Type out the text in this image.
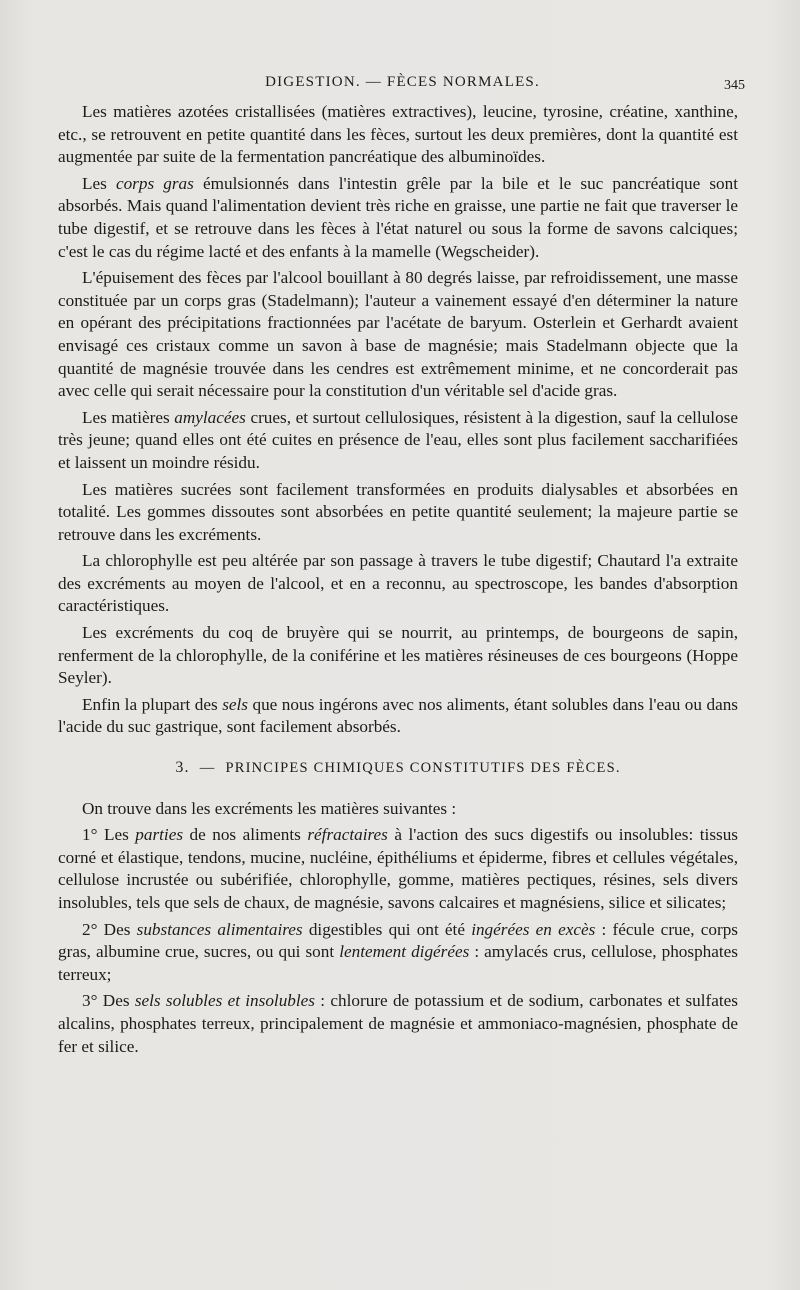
DIGESTION. — FÈCES NORMALES.	345

Les matières azotées cristallisées (matières extractives), leucine, tyrosine, créatine, xanthine, etc., se retrouvent en petite quantité dans les fèces, surtout les deux premières, dont la quantité est augmentée par suite de la fermentation pancréatique des albuminoïdes.

Les corps gras émulsionnés dans l'intestin grêle par la bile et le suc pancréatique sont absorbés. Mais quand l'alimentation devient très riche en graisse, une partie ne fait que traverser le tube digestif, et se retrouve dans les fèces à l'état naturel ou sous la forme de savons calciques; c'est le cas du régime lacté et des enfants à la mamelle (Wegscheider).

L'épuisement des fèces par l'alcool bouillant à 80 degrés laisse, par refroidissement, une masse constituée par un corps gras (Stadelmann); l'auteur a vainement essayé d'en déterminer la nature en opérant des précipitations fractionnées par l'acétate de baryum. Osterlein et Gerhardt avaient envisagé ces cristaux comme un savon à base de magnésie; mais Stadelmann objecte que la quantité de magnésie trouvée dans les cendres est extrêmement minime, et ne concorderait pas avec celle qui serait nécessaire pour la constitution d'un véritable sel d'acide gras.

Les matières amylacées crues, et surtout cellulosiques, résistent à la digestion, sauf la cellulose très jeune; quand elles ont été cuites en présence de l'eau, elles sont plus facilement saccharifiées et laissent un moindre résidu.

Les matières sucrées sont facilement transformées en produits dialysables et absorbées en totalité. Les gommes dissoutes sont absorbées en petite quantité seulement; la majeure partie se retrouve dans les excréments.

La chlorophylle est peu altérée par son passage à travers le tube digestif; Chautard l'a extraite des excréments au moyen de l'alcool, et en a reconnu, au spectroscope, les bandes d'absorption caractéristiques.

Les excréments du coq de bruyère qui se nourrit, au printemps, de bourgeons de sapin, renferment de la chlorophylle, de la coniférine et les matières résineuses de ces bourgeons (Hoppe Seyler).

Enfin la plupart des sels que nous ingérons avec nos aliments, étant solubles dans l'eau ou dans l'acide du suc gastrique, sont facilement absorbés.

3. — PRINCIPES CHIMIQUES CONSTITUTIFS DES FÈCES.

On trouve dans les excréments les matières suivantes :

1° Les parties de nos aliments réfractaires à l'action des sucs digestifs ou insolubles: tissus corné et élastique, tendons, mucine, nucléine, épithéliums et épiderme, fibres et cellules végétales, cellulose incrustée ou subérifiée, chlorophylle, gomme, matières pectiques, résines, sels divers insolubles, tels que sels de chaux, de magnésie, savons calcaires et magnésiens, silice et silicates;

2° Des substances alimentaires digestibles qui ont été ingérées en excès : fécule crue, corps gras, albumine crue, sucres, ou qui sont lentement digérées : amylacés crus, cellulose, phosphates terreux;

3° Des sels solubles et insolubles : chlorure de potassium et de sodium, carbonates et sulfates alcalins, phosphates terreux, principalement de magnésie et ammoniaco-magnésien, phosphate de fer et silice.
